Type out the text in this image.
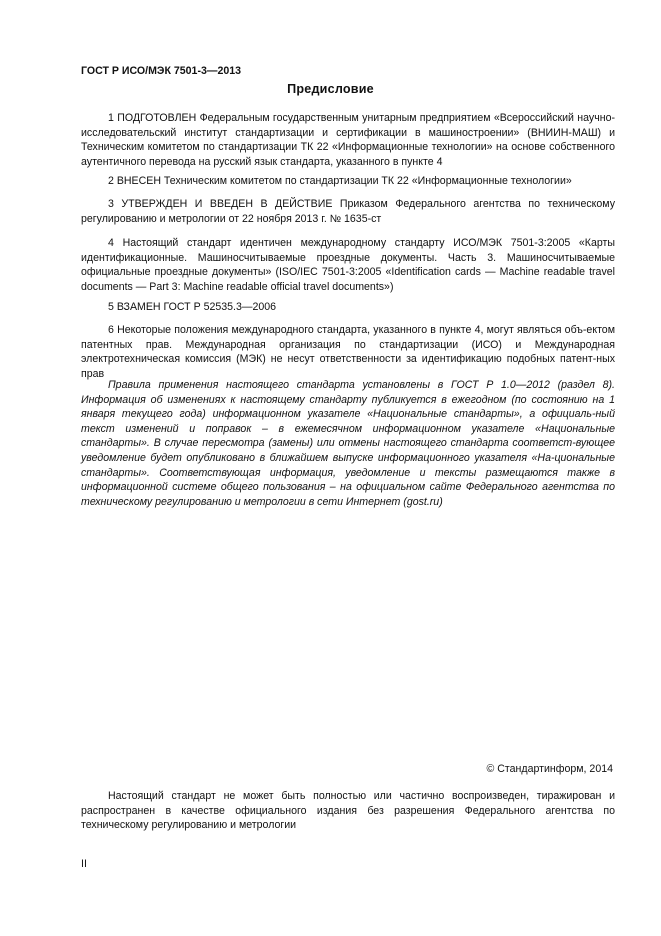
ГОСТ Р ИСО/МЭК 7501-3—2013
Предисловие

1 ПОДГОТОВЛЕН Федеральным государственным унитарным предприятием «Всероссийский научно-исследовательский институт стандартизации и сертификации в машиностроении» (ВНИИН-МАШ) и Техническим комитетом по стандартизации ТК 22 «Информационные технологии» на основе собственного аутентичного перевода на русский язык стандарта, указанного в пункте 4

2 ВНЕСЕН Техническим комитетом по стандартизации ТК 22 «Информационные технологии»

3 УТВЕРЖДЕН И ВВЕДЕН В ДЕЙСТВИЕ Приказом Федерального агентства по техническому регулированию и метрологии от 22 ноября 2013 г. № 1635-ст

4 Настоящий стандарт идентичен международному стандарту ИСО/МЭК 7501-3:2005 «Карты идентификационные. Машиносчитываемые проездные документы. Часть 3. Машиносчитываемые официальные проездные документы» (ISO/IEC 7501-3:2005 «Identification cards — Machine readable travel documents — Part 3: Machine readable official travel documents»)

5 ВЗАМЕН ГОСТ Р 52535.3—2006

6 Некоторые положения международного стандарта, указанного в пункте 4, могут являться объ-ектом патентных прав. Международная организация по стандартизации (ИСО) и Международная электротехническая комиссия (МЭК) не несут ответственности за идентификацию подобных патент-ных прав

Правила применения настоящего стандарта установлены в ГОСТ Р 1.0—2012 (раздел 8). Информация об изменениях к настоящему стандарту публикуется в ежегодном (по состоянию на 1 января текущего года) информационном указателе «Национальные стандарты», а официаль-ный текст изменений и поправок – в ежемесячном информационном указателе «Национальные стандарты». В случае пересмотра (замены) или отмены настоящего стандарта соответст-вующее уведомление будет опубликовано в ближайшем выпуске информационного указателя «На-циональные стандарты». Соответствующая информация, уведомление и тексты размещаются также в информационной системе общего пользования – на официальном сайте Федерального агентства по техническому регулированию и метрологии в сети Интернет (gost.ru)

© Стандартинформ, 2014

Настоящий стандарт не может быть полностью или частично воспроизведен, тиражирован и распространен в качестве официального издания без разрешения Федерального агентства по техническому регулированию и метрологии

II
